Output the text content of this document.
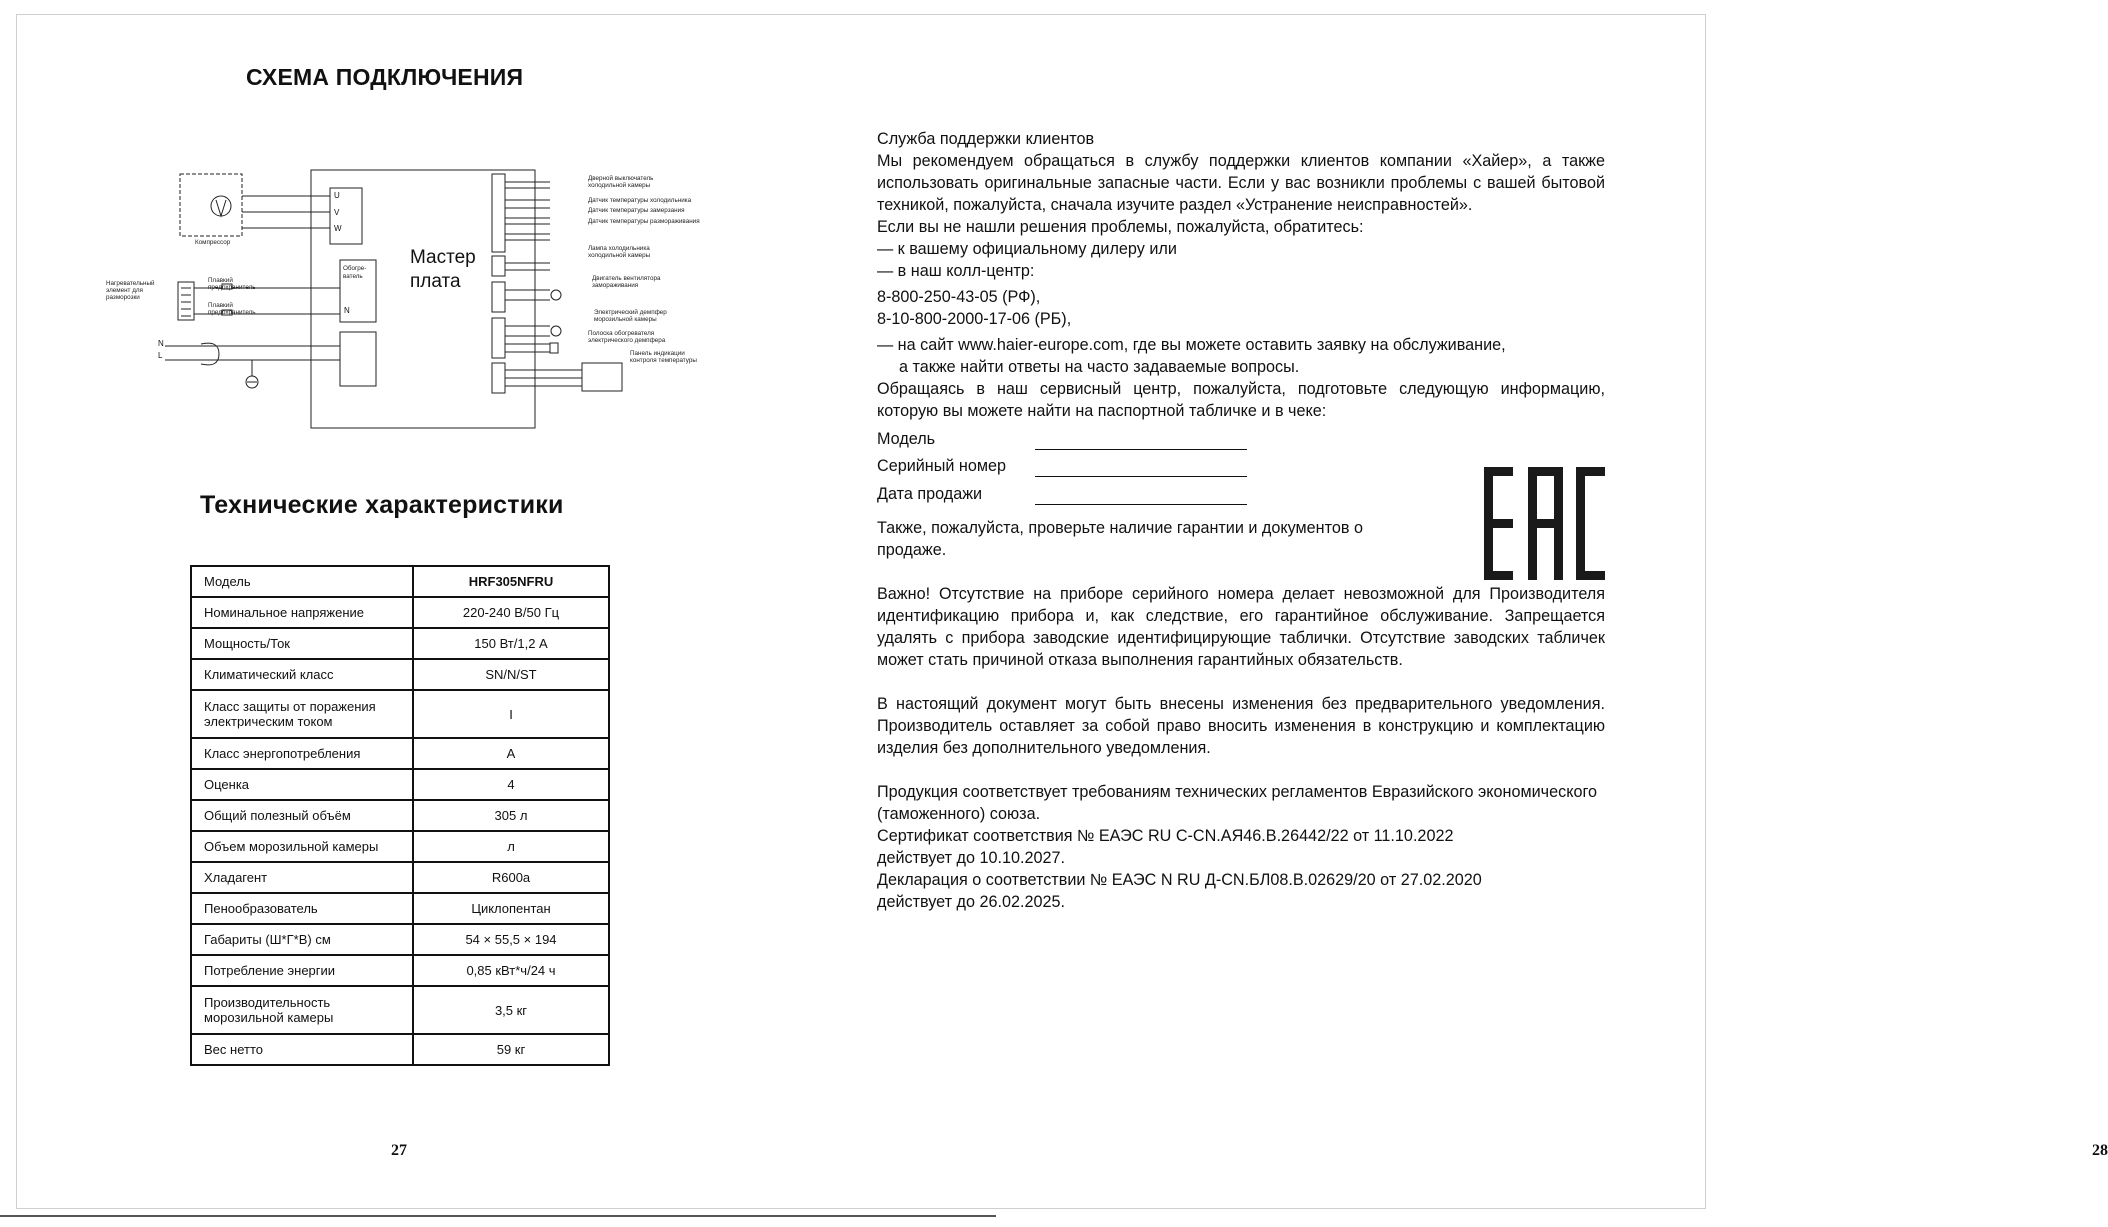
СХЕМА ПОДКЛЮЧЕНИЯ
Мастер
плата
U
V
W
Обогре-
ватель
N
N
L
Компрессор
Нагревательный
элемент для
разморозки
Плавкий
предохранитель
Плавкий
предохранитель
Дверной выключатель
холодильной камеры
Датчик температуры холодильника
Датчик температуры замерзания
Датчик температуры размораживания
Лампа холодильника
холодильной камеры
Двигатель вентилятора
замораживания
Электрический демпфер
морозильной камеры
Полоска обогревателя
электрического демпфера
Панель индикации
контроля температуры
Технические характеристики
Модель	HRF305NFRU
Номинальное напряжение	220-240 В/50 Гц
Мощность/Ток	150 Вт/1,2 А
Климатический класс	SN/N/ST
Класс защиты от поражения электрическим током	I
Класс энергопотребления	A
Оценка	4
Общий полезный объём	305 л
Объем морозильной камеры	л
Хладагент	R600a
Пенообразователь	Циклопентан
Габариты (Ш*Г*В) см	54 × 55,5 × 194
Потребление энергии	0,85 кВт*ч/24 ч
Производительность морозильной камеры	3,5 кг
Вес нетто	59 кг
27	28

Служба поддержки клиентов

Мы рекомендуем обращаться в службу поддержки клиентов компании «Хайер», а также использовать оригинальные запасные части. Если у вас возникли проблемы с вашей бытовой техникой, пожалуйста, сначала изучите раздел «Устранение неисправностей».

Если вы не нашли решения проблемы, пожалуйста, обратитесь:

— к вашему официальному дилеру или

— в наш колл-центр:

8-800-250-43-05 (РФ),

8-10-800-2000-17-06 (РБ),

— на сайт www.haier-europe.com, где вы можете оставить заявку на обслуживание,

а также найти ответы на часто задаваемые вопросы.

Обращаясь в наш сервисный центр, пожалуйста, подготовьте следующую информацию, которую вы можете найти на паспортной табличке и в чеке:

Модель
Серийный номер
Дата продажи

Также, пожалуйста, проверьте наличие гарантии и документов о продаже.

Важно! Отсутствие на приборе серийного номера делает невозможной для Производителя идентификацию прибора и, как следствие, его гарантийное обслуживание. Запрещается удалять с прибора заводские идентифицирующие таблички. Отсутствие заводских табличек может стать причиной отказа выполнения гарантийных обязательств.

В настоящий документ могут быть внесены изменения без предварительного уведомления. Производитель оставляет за собой право вносить изменения в конструкцию и комплектацию изделия без дополнительного уведомления.

Продукция соответствует требованиям технических регламентов Евразийского экономического (таможенного) союза.

Сертификат соответствия № ЕАЭС RU C-CN.АЯ46.В.26442/22 от 11.10.2022

действует до 10.10.2027.

Декларация о соответствии № ЕАЭС N RU Д-CN.БЛ08.В.02629/20 от 27.02.2020

действует до 26.02.2025.
